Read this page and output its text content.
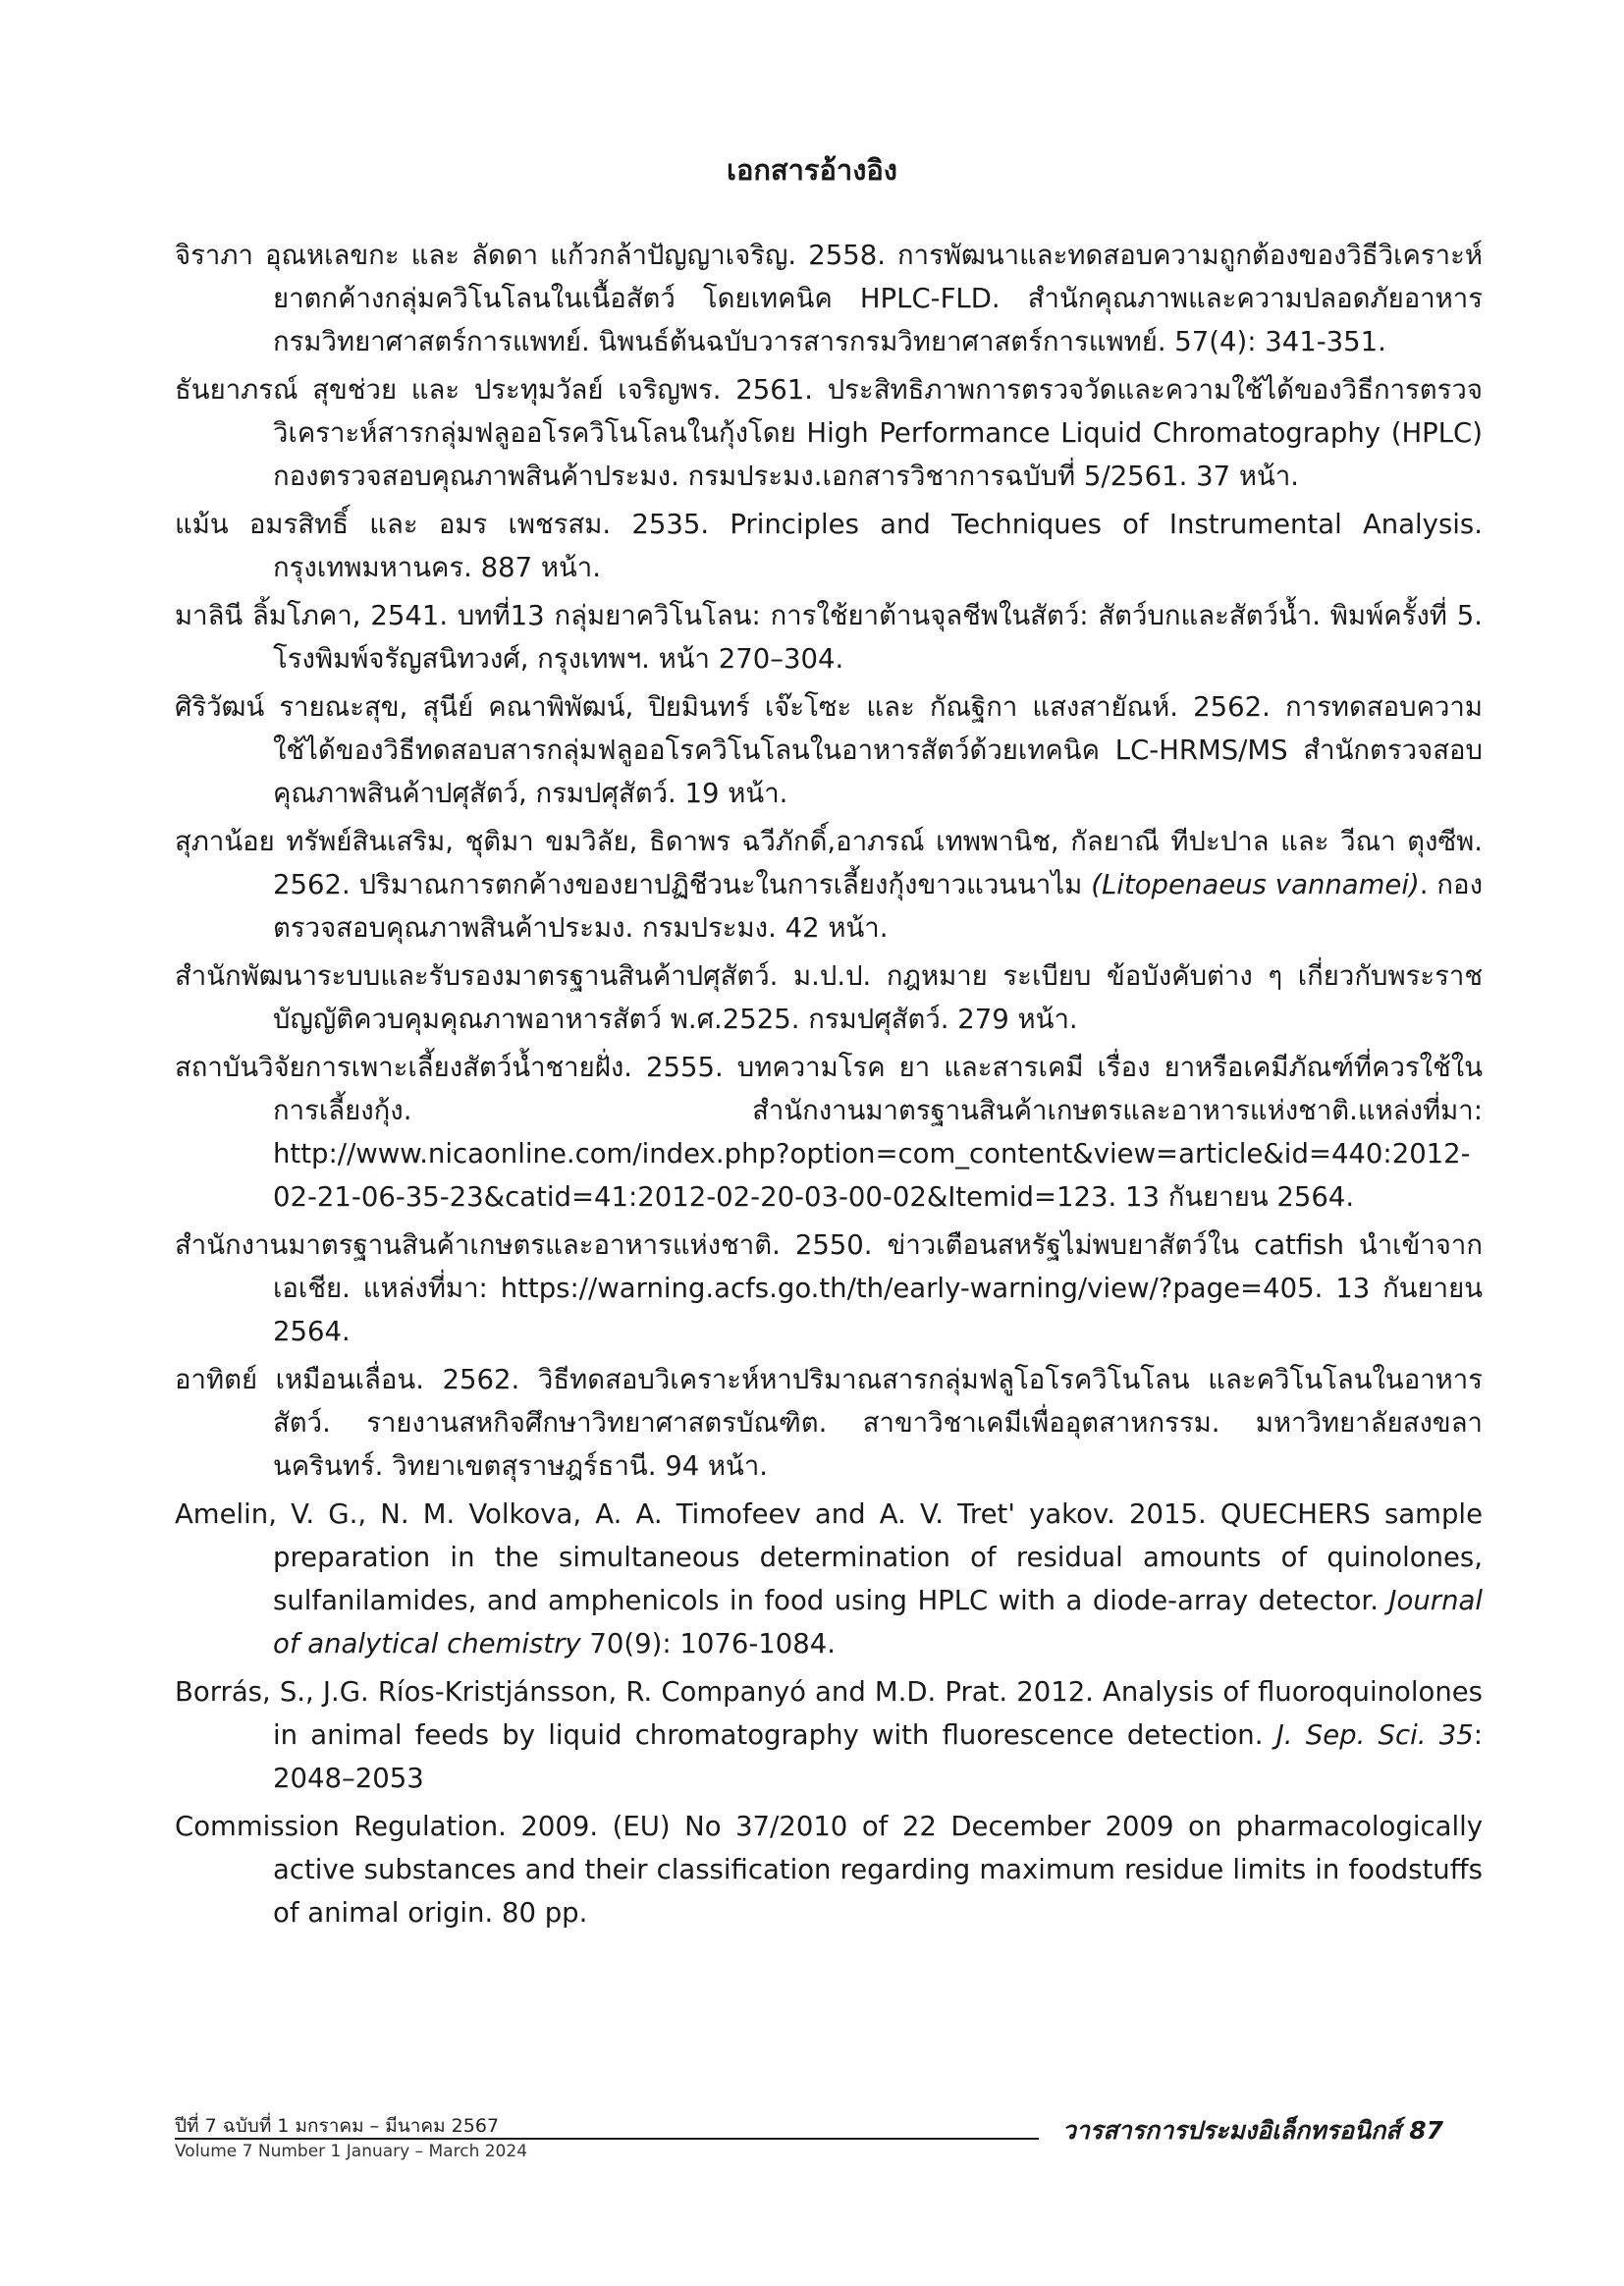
เอกสารอ้างอิง
จิราภา อุณหเลขกะ และ ลัดดา แก้วกล้าปัญญาเจริญ. 2558. การพัฒนาและทดสอบความถูกต้องของวิธีวิเคราะห์ยาตกค้างกลุ่มควิโนโลนในเนื้อสัตว์ โดยเทคนิค HPLC-FLD. สำนักคุณภาพและความปลอดภัยอาหาร กรมวิทยาศาสตร์การแพทย์. นิพนธ์ต้นฉบับวารสารกรมวิทยาศาสตร์การแพทย์. 57(4): 341-351.
ธันยาภรณ์ สุขช่วย และ ประทุมวัลย์ เจริญพร. 2561. ประสิทธิภาพการตรวจวัดและความใช้ได้ของวิธีการตรวจวิเคราะห์สารกลุ่มฟลูออโรควิโนโลนในกุ้งโดย High Performance Liquid Chromatography (HPLC) กองตรวจสอบคุณภาพสินค้าประมง. กรมประมง.เอกสารวิชาการฉบับที่ 5/2561. 37 หน้า.
แม้น อมรสิทธิ์ และ อมร เพชรสม. 2535. Principles and Techniques of Instrumental Analysis. กรุงเทพมหานคร. 887 หน้า.
มาลินี ลิ้มโภคา, 2541. บทที่13 กลุ่มยาควิโนโลน: การใช้ยาต้านจุลชีพในสัตว์: สัตว์บกและสัตว์น้ำ. พิมพ์ครั้งที่ 5. โรงพิมพ์จรัญสนิทวงศ์, กรุงเทพฯ. หน้า 270–304.
ศิริวัฒน์ รายณะสุข, สุนีย์ คณาพิพัฒน์, ปิยมินทร์ เจ๊ะโซะ และ กัณฐิกา แสงสายัณห์. 2562. การทดสอบความใช้ได้ของวิธีทดสอบสารกลุ่มฟลูออโรควิโนโลนในอาหารสัตว์ด้วยเทคนิค LC-HRMS/MS สำนักตรวจสอบคุณภาพสินค้าปศุสัตว์, กรมปศุสัตว์. 19 หน้า.
สุภาน้อย ทรัพย์สินเสริม, ชุติมา ขมวิลัย, ธิดาพร ฉวีภักดิ์,อาภรณ์ เทพพานิช, กัลยาณี ทีปะปาล และ วีณา ตุงซีพ. 2562. ปริมาณการตกค้างของยาปฏิชีวนะในการเลี้ยงกุ้งขาวแวนนาไม (Litopenaeus vannamei). กองตรวจสอบคุณภาพสินค้าประมง. กรมประมง. 42 หน้า.
สำนักพัฒนาระบบและรับรองมาตรฐานสินค้าปศุสัตว์. ม.ป.ป. กฎหมาย ระเบียบ ข้อบังคับต่าง ๆ เกี่ยวกับพระราชบัญญัติควบคุมคุณภาพอาหารสัตว์ พ.ศ.2525. กรมปศุสัตว์. 279 หน้า.
สถาบันวิจัยการเพาะเลี้ยงสัตว์น้ำชายฝั่ง. 2555. บทความโรค ยา และสารเคมี เรื่อง ยาหรือเคมีภัณฑ์ที่ควรใช้ในการเลี้ยงกุ้ง. สำนักงานมาตรฐานสินค้าเกษตรและอาหารแห่งชาติ.แหล่งที่มา: http://www.nicaonline.com/index.php?option=com_content&view=article&id=440:2012-02-21-06-35-23&catid=41:2012-02-20-03-00-02&Itemid=123. 13 กันยายน 2564.
สำนักงานมาตรฐานสินค้าเกษตรและอาหารแห่งชาติ. 2550. ข่าวเตือนสหรัฐไม่พบยาสัตว์ใน catfish นำเข้าจากเอเชีย. แหล่งที่มา: https://warning.acfs.go.th/th/early-warning/view/?page=405. 13 กันยายน 2564.
อาทิตย์ เหมือนเลื่อน. 2562. วิธีทดสอบวิเคราะห์หาปริมาณสารกลุ่มฟลูโอโรควิโนโลน และควิโนโลนในอาหารสัตว์. รายงานสหกิจศึกษาวิทยาศาสตรบัณฑิต. สาขาวิชาเคมีเพื่ออุตสาหกรรม. มหาวิทยาลัยสงขลานครินทร์. วิทยาเขตสุราษฎร์ธานี. 94 หน้า.
Amelin, V. G., N. M. Volkova, A. A. Timofeev and A. V. Tret' yakov. 2015. QUECHERS sample preparation in the simultaneous determination of residual amounts of quinolones, sulfanilamides, and amphenicols in food using HPLC with a diode-array detector. Journal of analytical chemistry 70(9): 1076-1084.
Borrás, S., J.G. Ríos-Kristjánsson, R. Companyó and M.D. Prat. 2012. Analysis of fluoroquinolones in animal feeds by liquid chromatography with fluorescence detection. J. Sep. Sci. 35: 2048–2053
Commission Regulation. 2009. (EU) No 37/2010 of 22 December 2009 on pharmacologically active substances and their classification regarding maximum residue limits in foodstuffs of animal origin. 80 pp.
ปีที่ 7 ฉบับที่ 1 มกราคม – มีนาคม 2567
Volume 7 Number 1 January – March 2024
วารสารการประมงอิเล็กทรอนิกส์ 87
